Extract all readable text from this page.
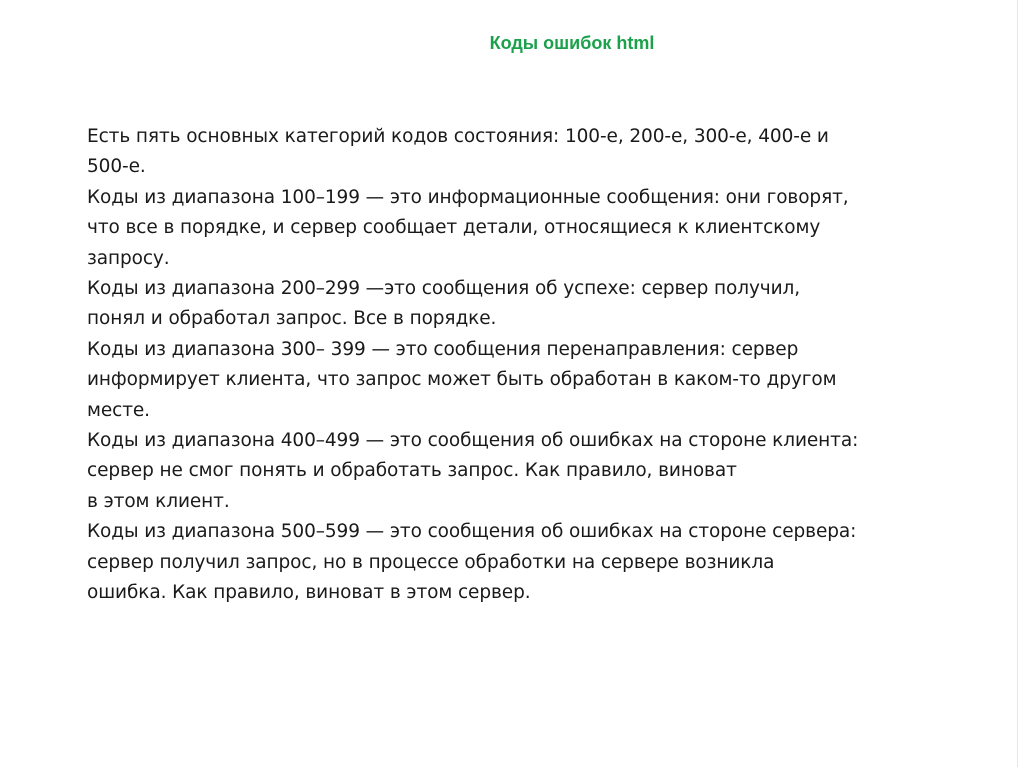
Коды ошибок html
Есть пять основных категорий кодов состояния: 100-е, 200-е, 300-е, 400-е и
500-е.
Коды из диапазона 100–199 — это информационные сообщения: они говорят,
что все в порядке, и сервер сообщает детали, относящиеся к клиентскому
запросу.
Коды из диапазона 200–299 —это сообщения об успехе: сервер получил,
понял и обработал запрос. Все в порядке.
Коды из диапазона 300– 399 — это сообщения перенаправления: сервер
информирует клиента, что запрос может быть обработан в каком-то другом
месте.
Коды из диапазона 400–499 — это сообщения об ошибках на стороне клиента:
сервер не смог понять и обработать запрос. Как правило, виноват
в этом клиент.
Коды из диапазона 500–599 — это сообщения об ошибках на стороне сервера:
сервер получил запрос, но в процессе обработки на сервере возникла
ошибка. Как правило, виноват в этом сервер.
